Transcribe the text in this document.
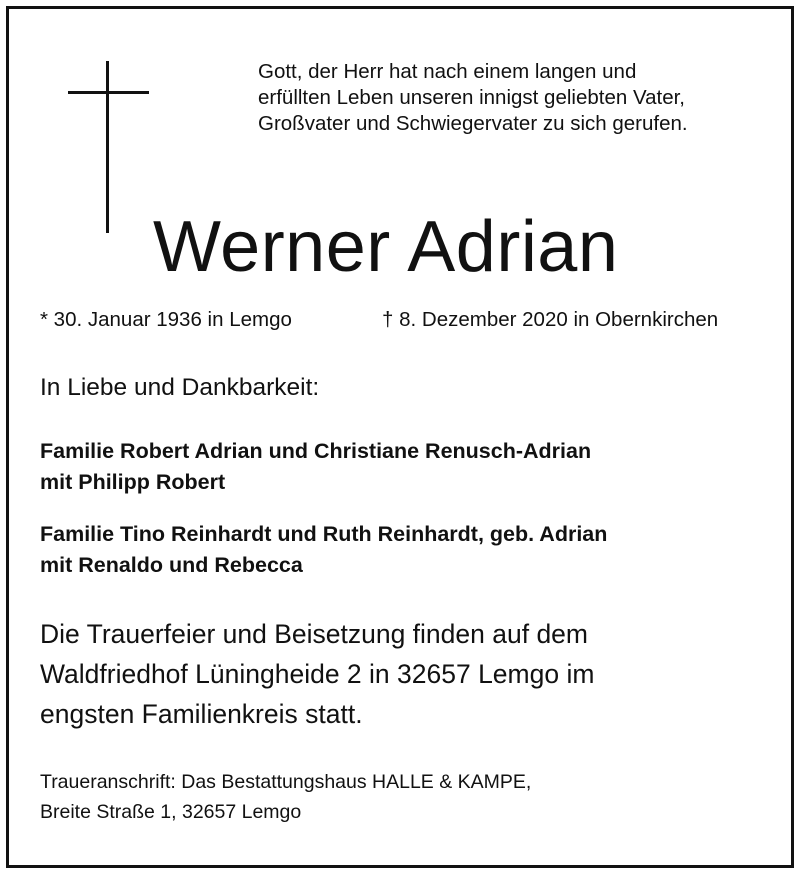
Gott, der Herr hat nach einem langen und
erfüllten Leben unseren innigst geliebten Vater,
Großvater und Schwiegervater zu sich gerufen.
Werner Adrian
* 30. Januar 1936 in Lemgo	† 8. Dezember 2020 in Obernkirchen
In Liebe und Dankbarkeit:
Familie Robert Adrian und Christiane Renusch-Adrian
mit Philipp Robert
Familie Tino Reinhardt und Ruth Reinhardt, geb. Adrian
mit Renaldo und Rebecca
Die Trauerfeier und Beisetzung finden auf dem
Waldfriedhof Lüningheide 2 in 32657 Lemgo im
engsten Familienkreis statt.
Traueranschrift: Das Bestattungshaus HALLE & KAMPE,
Breite Straße 1, 32657 Lemgo
